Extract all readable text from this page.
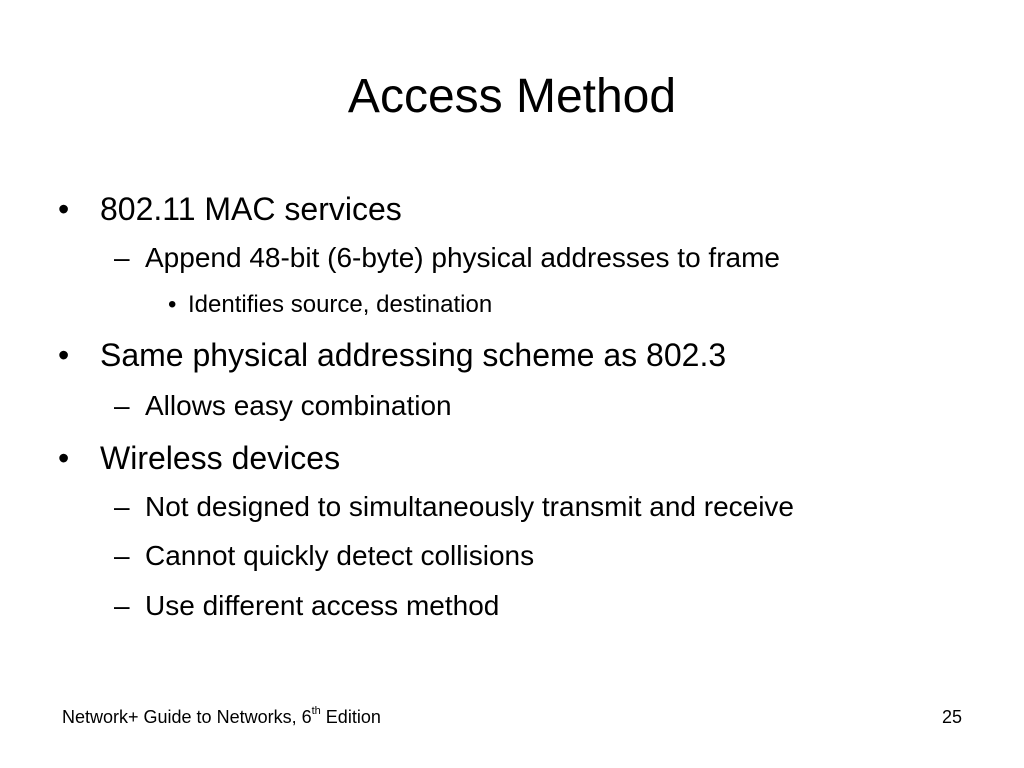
Access Method
• 802.11 MAC services
– Append 48-bit (6-byte) physical addresses to frame
• Identifies source, destination
• Same physical addressing scheme as 802.3
– Allows easy combination
• Wireless devices
– Not designed to simultaneously transmit and receive
– Cannot quickly detect collisions
– Use different access method
Network+ Guide to Networks, 6th Edition	25
